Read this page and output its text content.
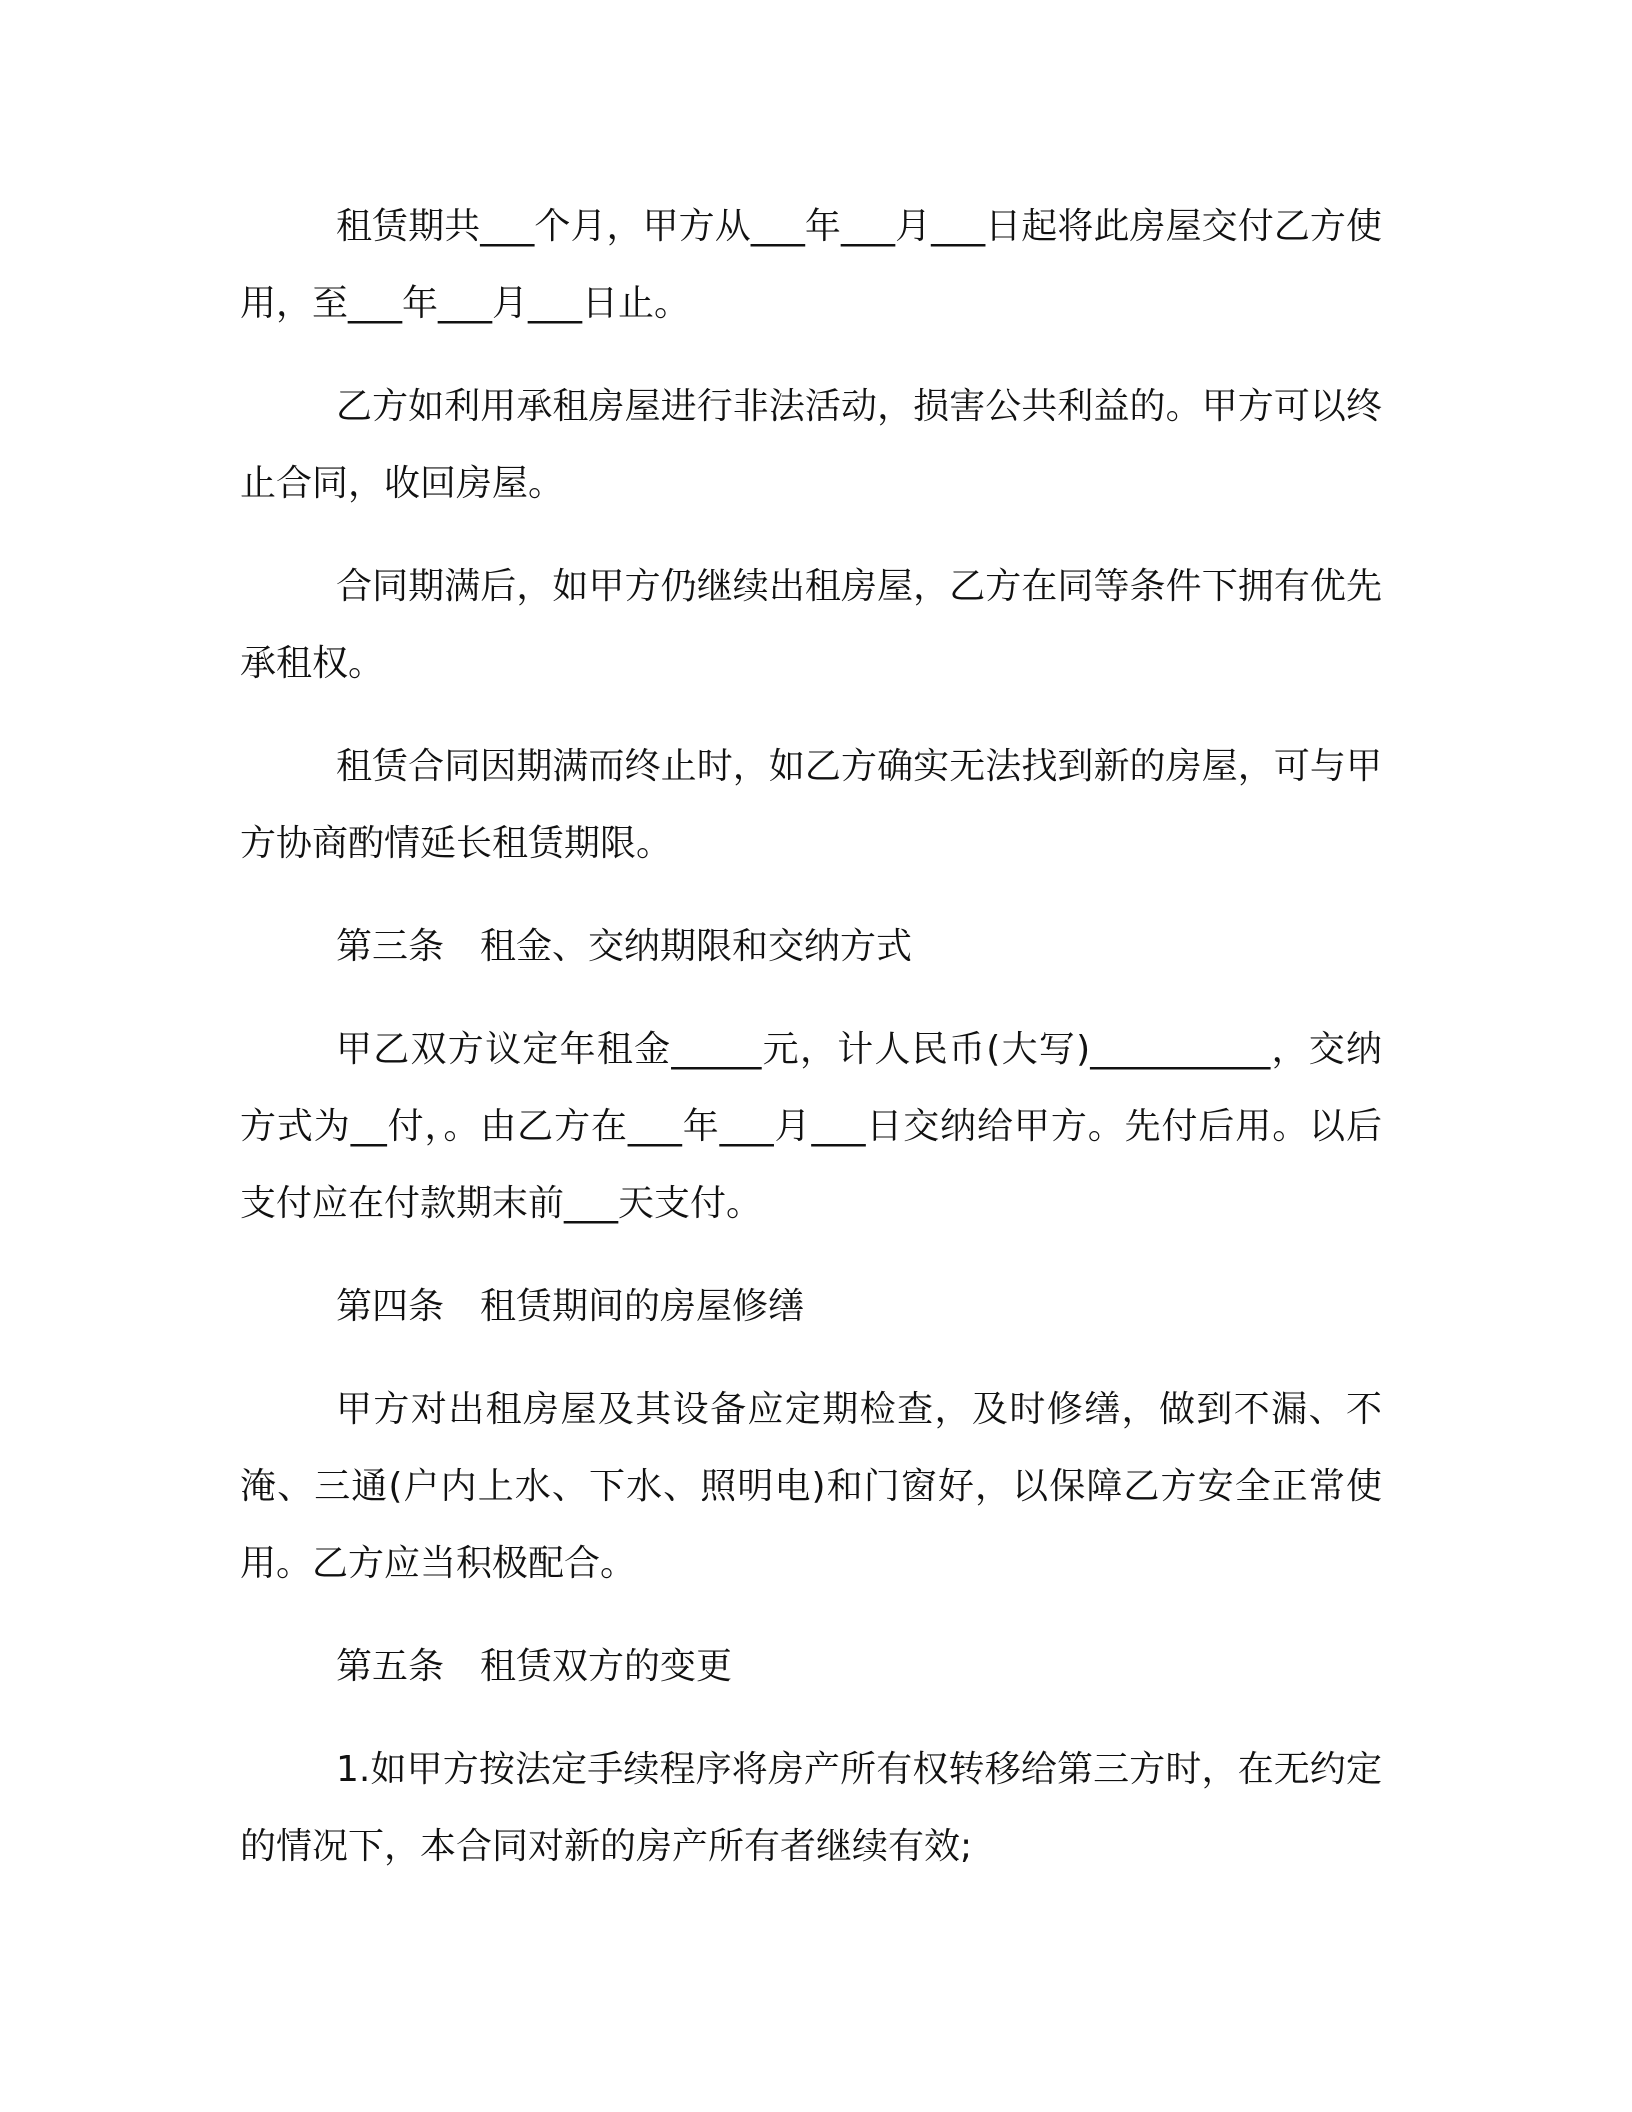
租赁期共___个月，甲方从___年___月___日起将此房屋交付乙方使用，至___年___月___日止。

乙方如利用承租房屋进行非法活动，损害公共利益的。甲方可以终止合同，收回房屋。

合同期满后，如甲方仍继续出租房屋，乙方在同等条件下拥有优先承租权。

租赁合同因期满而终止时，如乙方确实无法找到新的房屋，可与甲方协商酌情延长租赁期限。

第三条　租金、交纳期限和交纳方式

甲乙双方议定年租金_____元，计人民币(大写)__________，交纳方式为__付，。由乙方在___年___月___日交纳给甲方。先付后用。以后支付应在付款期末前___天支付。

第四条　租赁期间的房屋修缮

甲方对出租房屋及其设备应定期检查，及时修缮，做到不漏、不淹、三通(户内上水、下水、照明电)和门窗好，以保障乙方安全正常使用。乙方应当积极配合。

第五条　租赁双方的变更

1.如甲方按法定手续程序将房产所有权转移给第三方时，在无约定的情况下，本合同对新的房产所有者继续有效;
